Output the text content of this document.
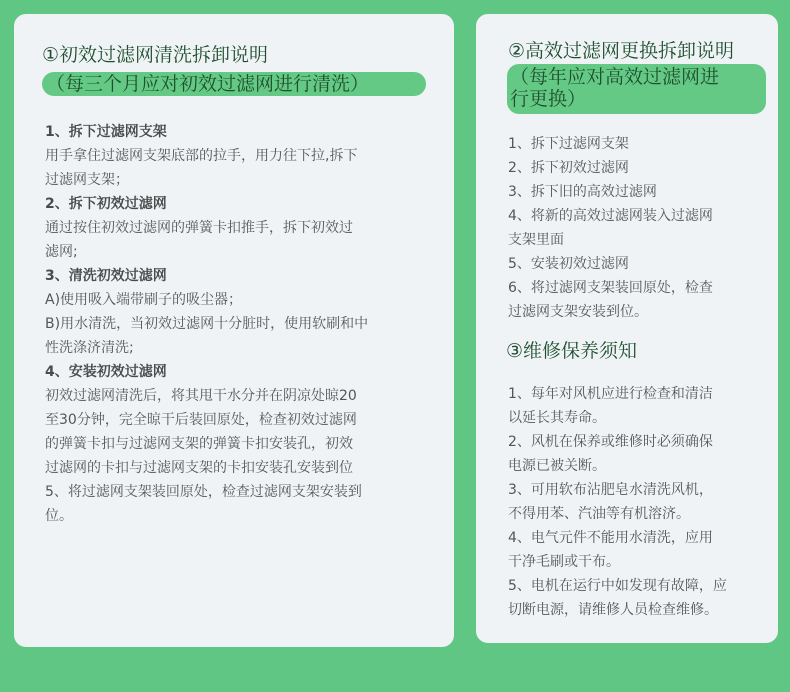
①初效过滤网清洗拆卸说明
（每三个月应对初效过滤网进行清洗）
1、拆下过滤网支架
用手拿住过滤网支架底部的拉手，用力往下拉,拆下
过滤网支架；
2、拆下初效过滤网
通过按住初效过滤网的弹簧卡扣推手，拆下初效过
滤网;
3、清洗初效过滤网
A)使用吸入端带刷子的吸尘器；
B)用水清洗，当初效过滤网十分脏时，使用软刷和中
性洗涤济清洗;
4、安装初效过滤网
初效过滤网清洗后，将其甩干水分并在阴凉处晾20
至30分钟，完全晾干后装回原处，检查初效过滤网
的弹簧卡扣与过滤网支架的弹簧卡扣安装孔，初效
过滤网的卡扣与过滤网支架的卡扣安装孔安装到位
5、将过滤网支架装回原处，检查过滤网支架安装到
位。
②高效过滤网更换拆卸说明
（每年应对高效过滤网进
行更换）
1、拆下过滤网支架
2、拆下初效过滤网
3、拆下旧的高效过滤网
4、将新的高效过滤网装入过滤网
支架里面
5、安装初效过滤网
6、将过滤网支架装回原处，检查
过滤网支架安装到位。
③维修保养须知
1、每年对风机应进行检查和清洁
以延长其寿命。
2、风机在保养或维修时必须确保
电源已被关断。
3、可用软布沾肥皂水清洗风机，
不得用苯、汽油等有机溶济。
4、电气元件不能用水清洗，应用
干净毛刷或干布。
5、电机在运行中如发现有故障，应
切断电源，请维修人员检查维修。
